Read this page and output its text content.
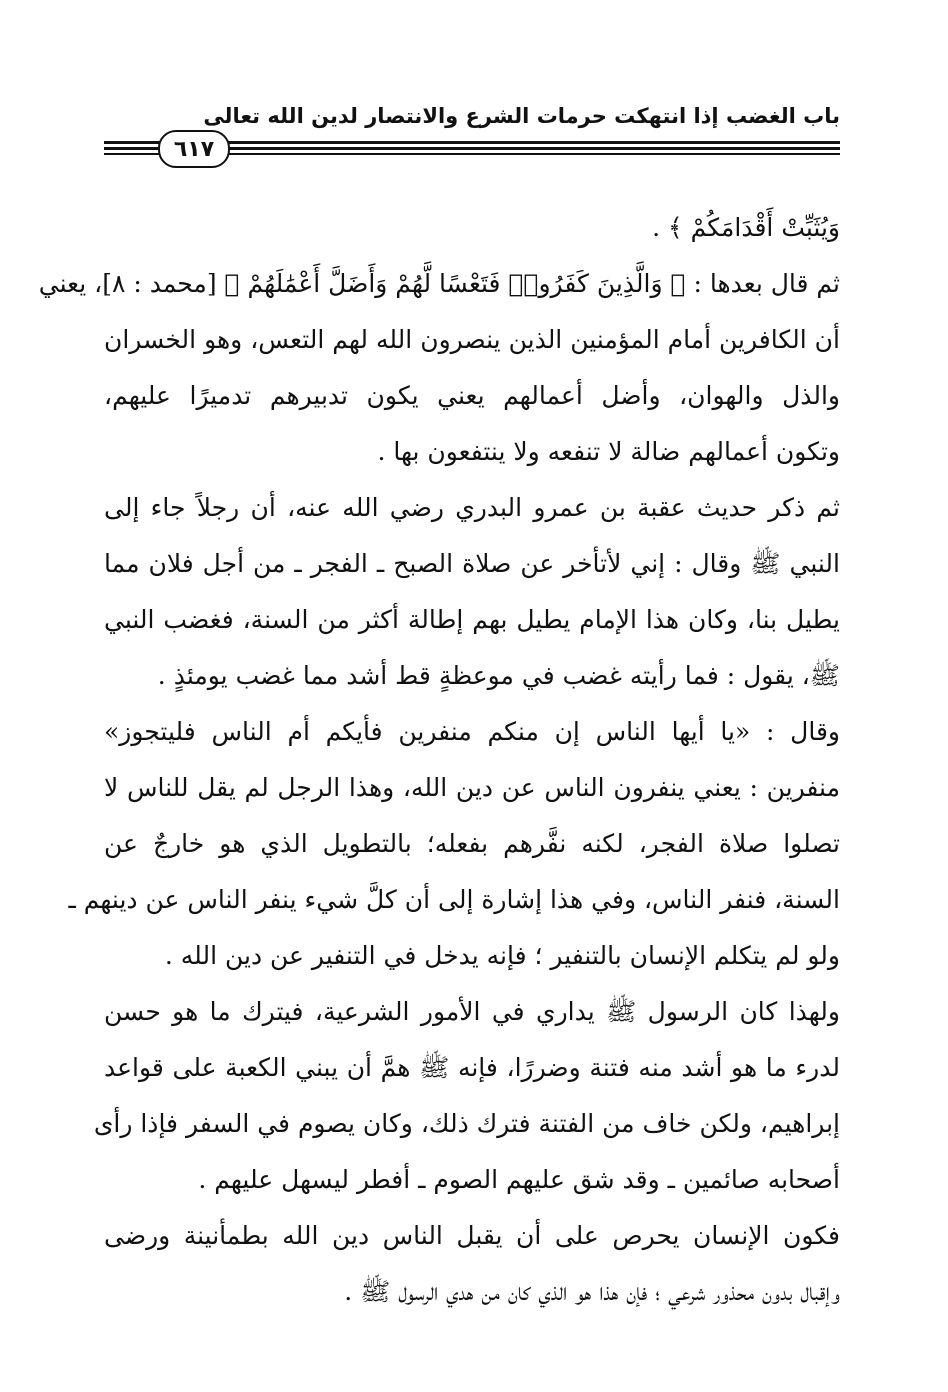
باب الغضب إذا انتهكت حرمات الشرع والانتصار لدين الله تعالى
٦١٧
وَيُثَبِّتْ أَقْدَامَكُمْ ﴾ .
ثم قال بعدها : ﴿ وَالَّذِينَ كَفَرُوا۟ فَتَعْسًا لَّهُمْ وَأَضَلَّ أَعْمَٰلَهُمْ ﴾ [محمد : ٨]، يعني
أن الكافرين أمام المؤمنين الذين ينصرون الله لهم التعس، وهو الخسران
والذل والهوان، وأضل أعمالهم يعني يكون تدبيرهم تدميرًا عليهم،
وتكون أعمالهم ضالة لا تنفعه ولا ينتفعون بها .
ثم ذكر حديث عقبة بن عمرو البدري رضي الله عنه، أن رجلاً جاء إلى
النبي ﷺ وقال : إني لأتأخر عن صلاة الصبح ـ الفجر ـ من أجل فلان مما
يطيل بنا، وكان هذا الإمام يطيل بهم إطالة أكثر من السنة، فغضب النبي
ﷺ، يقول : فما رأيته غضب في موعظةٍ قط أشد مما غضب يومئذٍ .
وقال : «يا أيها الناس إن منكم منفرين فأيكم أم الناس فليتجوز»
منفرين : يعني ينفرون الناس عن دين الله، وهذا الرجل لم يقل للناس لا
تصلوا صلاة الفجر، لكنه نفَّرهم بفعله؛ بالتطويل الذي هو خارجٌ عن
السنة، فنفر الناس، وفي هذا إشارة إلى أن كلَّ شيء ينفر الناس عن دينهم ـ
ولو لم يتكلم الإنسان بالتنفير ؛ فإنه يدخل في التنفير عن دين الله .
ولهذا كان الرسول ﷺ يداري في الأمور الشرعية، فيترك ما هو حسن
لدرء ما هو أشد منه فتنة وضررًا، فإنه ﷺ همَّ أن يبني الكعبة على قواعد
إبراهيم، ولكن خاف من الفتنة فترك ذلك، وكان يصوم في السفر فإذا رأى
أصحابه صائمين ـ وقد شق عليهم الصوم ـ أفطر ليسهل عليهم .
فكون الإنسان يحرص على أن يقبل الناس دين الله بطمأنينة ورضى
وإقبال بدون محذور شرعي ؛ فإن هذا هو الذي كان من هدي الرسول ﷺ .
